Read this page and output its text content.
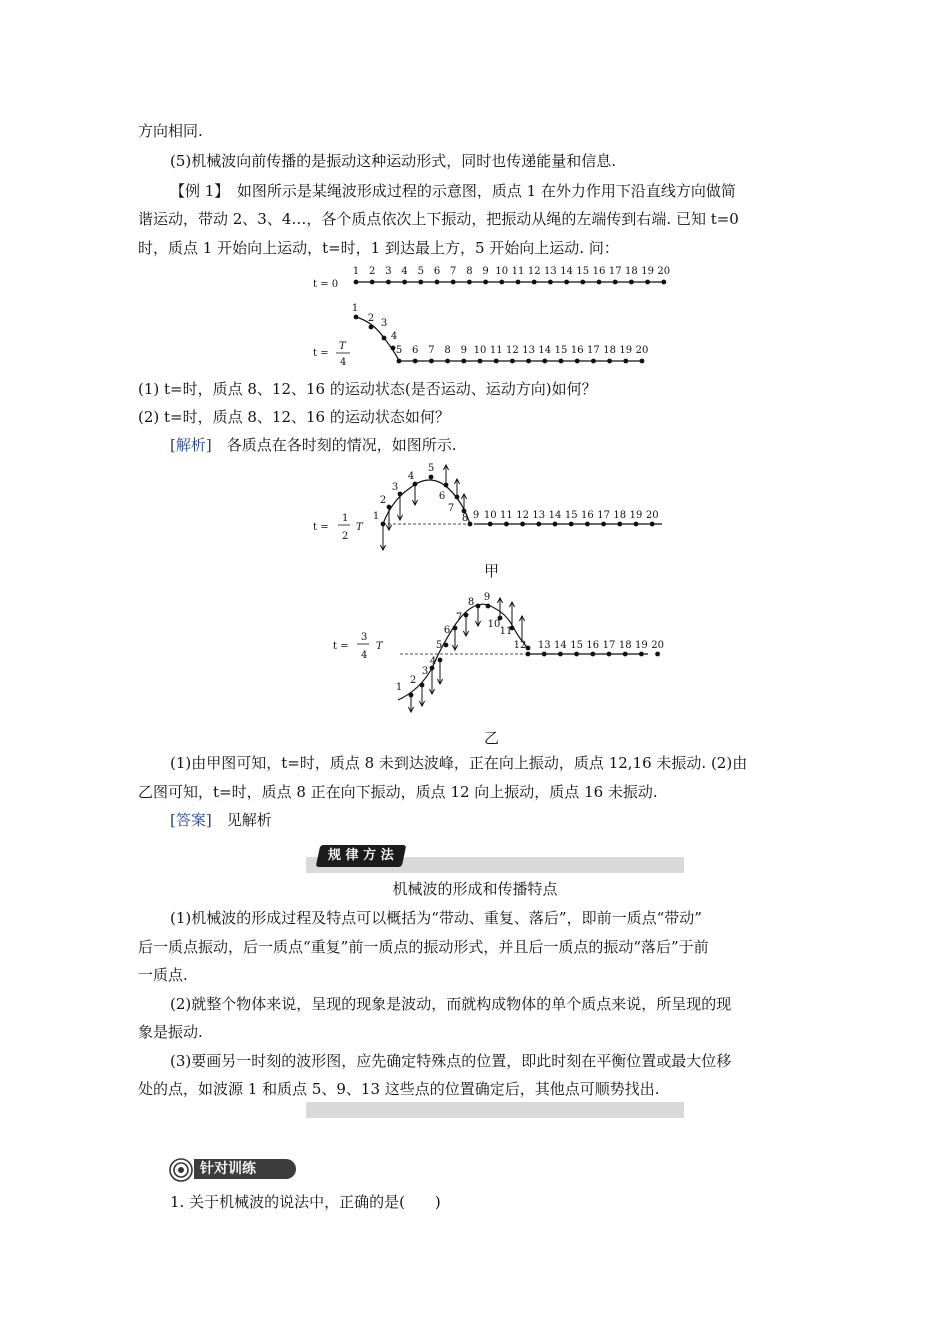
方向相同.
(5)机械波向前传播的是振动这种运动形式，同时也传递能量和信息.
【例 1】　如图所示是某绳波形成过程的示意图，质点 1 在外力作用下沿直线方向做简
谐运动，带动 2、3、4…，各个质点依次上下振动，把振动从绳的左端传到右端. 已知 t=0
时，质点 1 开始向上运动，t=时，1 到达最上方，5 开始向上运动. 问：
t = 0
1 2 3 4 5 6 7 8 9 10 11 12 13 14 15 16 17 18 19 20
t =
T
4
1
2 3
4
5 6 7 8 9 10 11 12 13 14 15 16 17 18 19 20
(1) t=时，质点 8、12、16 的运动状态(是否运动、运动方向)如何？
(2) t=时，质点 8、12、16 的运动状态如何？
[解析]　各质点在各时刻的情况，如图所示.
t =
1
2
T
1
2
3
4
5
6
7
8 9 10 11 12 13 14 15 16 17 18 19 20
甲
t =
3
4
T
1
2
3
4
5
6
7
8 9
10
11
12 13 14 15 16 17 18 19 20
乙
(1)由甲图可知，t=时，质点 8 未到达波峰，正在向上振动，质点 12,16 未振动. (2)由
乙图可知，t=时，质点 8 正在向下振动，质点 12 向上振动，质点 16 未振动.
[答案]　见解析
规 律 方 法
机械波的形成和传播特点
(1)机械波的形成过程及特点可以概括为“带动、重复、落后”，即前一质点“带动”
后一质点振动，后一质点“重复”前一质点的振动形式，并且后一质点的振动“落后”于前
一质点.
(2)就整个物体来说，呈现的现象是波动，而就构成物体的单个质点来说，所呈现的现
象是振动.
(3)要画另一时刻的波形图，应先确定特殊点的位置，即此时刻在平衡位置或最大位移
处的点，如波源 1 和质点 5、9、13 这些点的位置确定后，其他点可顺势找出.
针对训练
1. 关于机械波的说法中，正确的是(　　)
